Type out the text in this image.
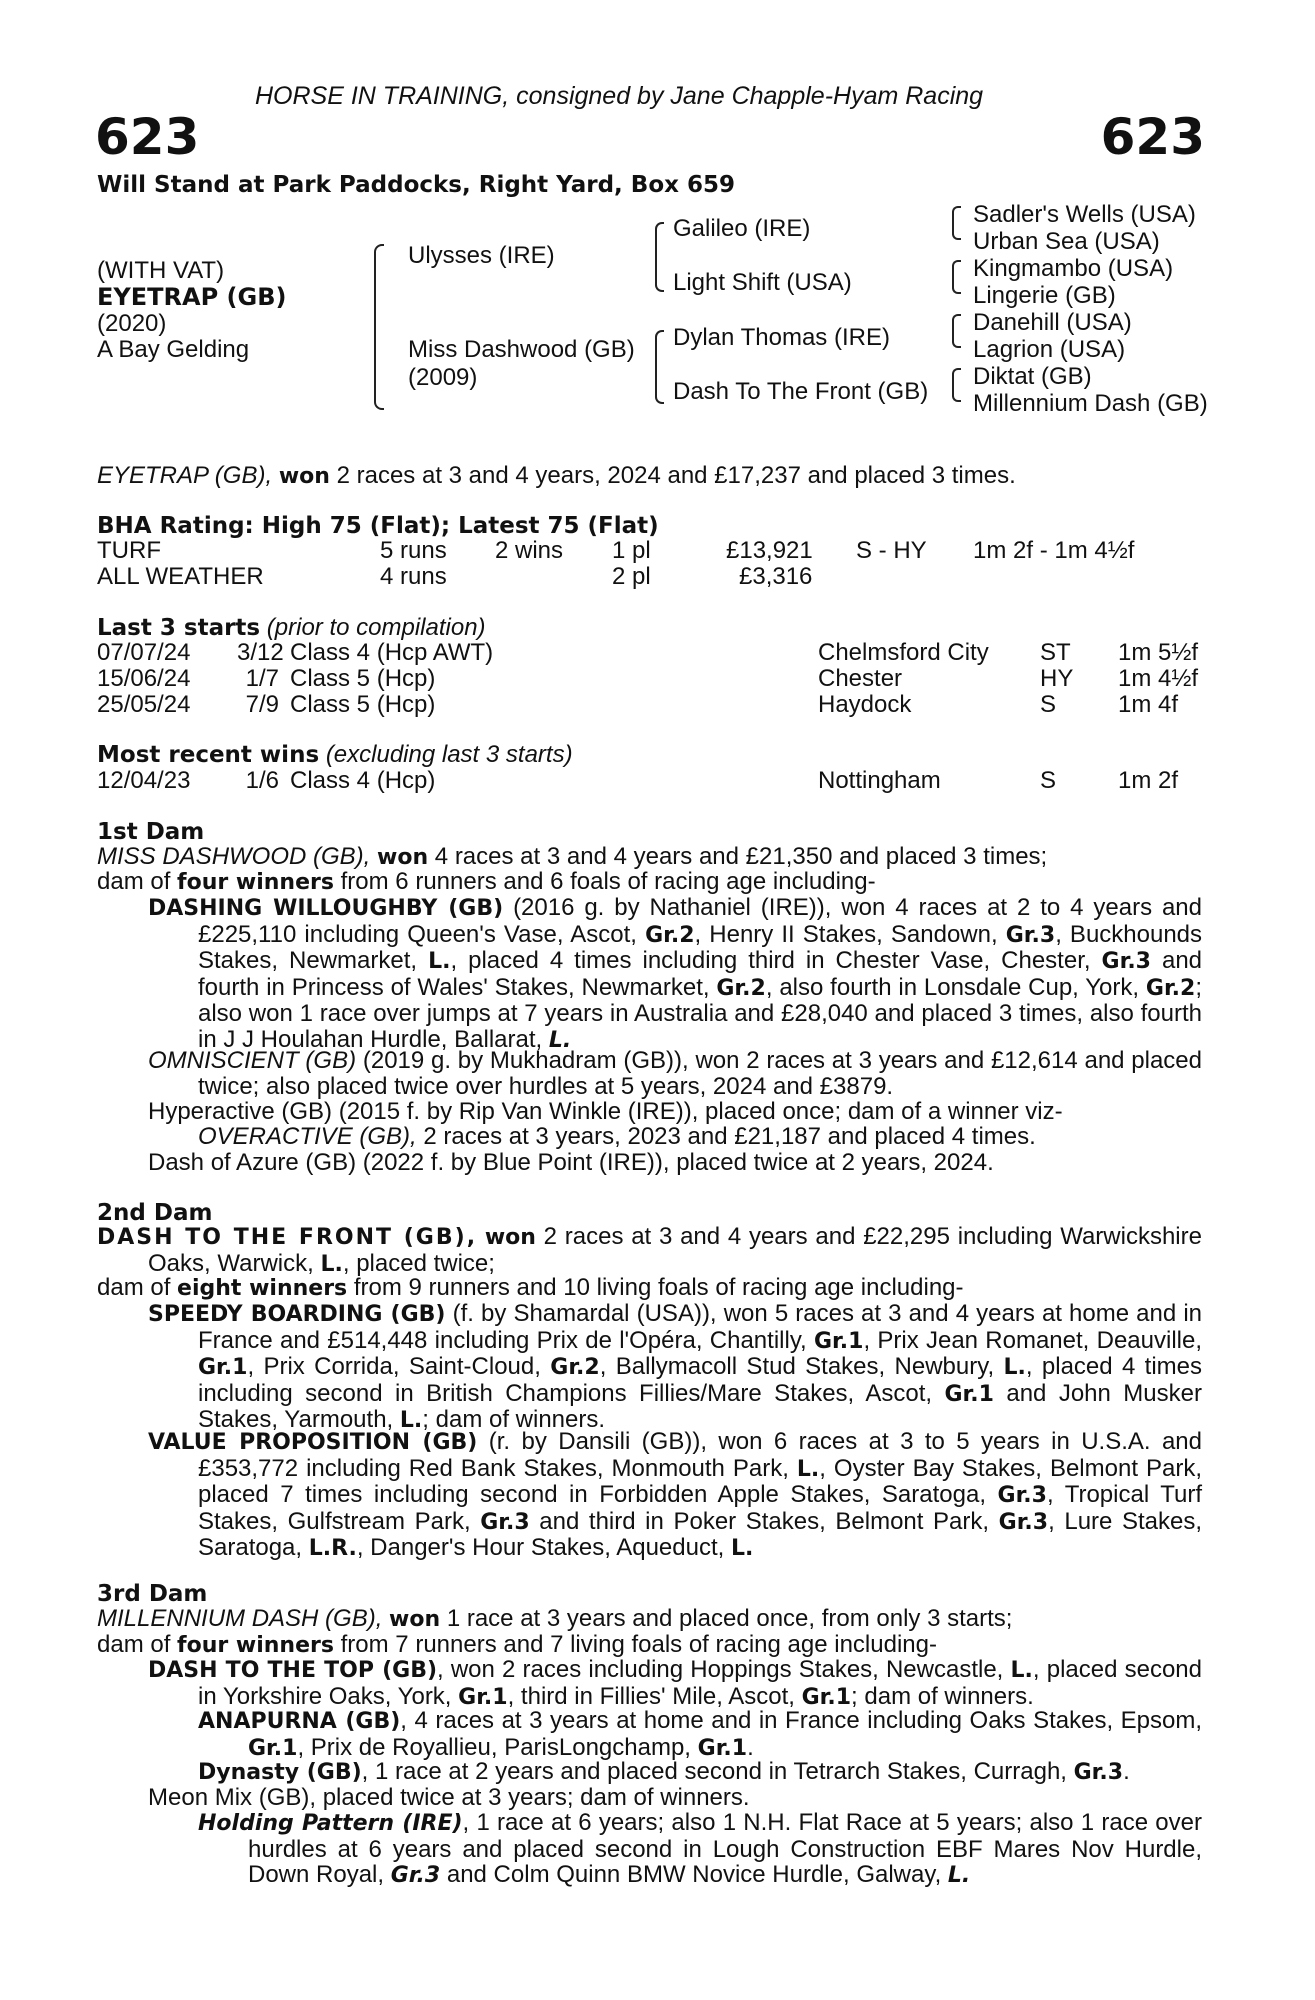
HORSE IN TRAINING, consigned by Jane Chapple-Hyam Racing
623	623
Will Stand at Park Paddocks, Right Yard, Box 659
(WITH VAT)
EYETRAP (GB)
(2020)
A Bay Gelding
Ulysses (IRE)
Miss Dashwood (GB)
(2009)
Galileo (IRE)
Light Shift (USA)
Dylan Thomas (IRE)
Dash To The Front (GB)
Sadler's Wells (USA)
Urban Sea (USA)
Kingmambo (USA)
Lingerie (GB)
Danehill (USA)
Lagrion (USA)
Diktat (GB)
Millennium Dash (GB)
EYETRAP (GB), won 2 races at 3 and 4 years, 2024 and £17,237 and placed 3 times.
BHA Rating: High 75 (Flat); Latest 75 (Flat)
TURF	5 runs 2 wins 1 pl	£13,921 S - HY 1m 2f - 1m 4½f
ALL WEATHER	4 runs	2 pl	£3,316
Last 3 starts (prior to compilation)
07/07/24 3/12 Class 4 (Hcp AWT)	Chelmsford City ST 1m 5½f
15/06/24	1/7 Class 5 (Hcp)	Chester	HY 1m 4½f
25/05/24	7/9 Class 5 (Hcp)	Haydock	S	1m 4f
Most recent wins (excluding last 3 starts)
12/04/23	1/6 Class 4 (Hcp)	Nottingham	S	1m 2f
1st Dam
MISS DASHWOOD (GB), won 4 races at 3 and 4 years and £21,350 and placed 3 times;
dam of four winners from 6 runners and 6 foals of racing age including-
DASHING WILLOUGHBY (GB) (2016 g. by Nathaniel (IRE)), won 4 races at 2 to 4 years and £225,110 including Queen's Vase, Ascot, Gr.2, Henry II Stakes, Sandown, Gr.3, Buckhounds Stakes, Newmarket, L., placed 4 times including third in Chester Vase, Chester, Gr.3 and fourth in Princess of Wales' Stakes, Newmarket, Gr.2, also fourth in Lonsdale Cup, York, Gr.2; also won 1 race over jumps at 7 years in Australia and £28,040 and placed 3 times, also fourth in J J Houlahan Hurdle, Ballarat, L.
OMNISCIENT (GB) (2019 g. by Mukhadram (GB)), won 2 races at 3 years and £12,614 and placed twice; also placed twice over hurdles at 5 years, 2024 and £3879.
Hyperactive (GB) (2015 f. by Rip Van Winkle (IRE)), placed once; dam of a winner viz-
OVERACTIVE (GB), 2 races at 3 years, 2023 and £21,187 and placed 4 times.
Dash of Azure (GB) (2022 f. by Blue Point (IRE)), placed twice at 2 years, 2024.
2nd Dam
DASH TO THE FRONT (GB), won 2 races at 3 and 4 years and £22,295 including Warwickshire Oaks, Warwick, L., placed twice;
dam of eight winners from 9 runners and 10 living foals of racing age including-
SPEEDY BOARDING (GB) (f. by Shamardal (USA)), won 5 races at 3 and 4 years at home and in France and £514,448 including Prix de l'Opéra, Chantilly, Gr.1, Prix Jean Romanet, Deauville, Gr.1, Prix Corrida, Saint-Cloud, Gr.2, Ballymacoll Stud Stakes, Newbury, L., placed 4 times including second in British Champions Fillies/Mare Stakes, Ascot, Gr.1 and John Musker Stakes, Yarmouth, L.; dam of winners.
VALUE PROPOSITION (GB) (r. by Dansili (GB)), won 6 races at 3 to 5 years in U.S.A. and £353,772 including Red Bank Stakes, Monmouth Park, L., Oyster Bay Stakes, Belmont Park, placed 7 times including second in Forbidden Apple Stakes, Saratoga, Gr.3, Tropical Turf Stakes, Gulfstream Park, Gr.3 and third in Poker Stakes, Belmont Park, Gr.3, Lure Stakes, Saratoga, L.R., Danger's Hour Stakes, Aqueduct, L.
3rd Dam
MILLENNIUM DASH (GB), won 1 race at 3 years and placed once, from only 3 starts;
dam of four winners from 7 runners and 7 living foals of racing age including-
DASH TO THE TOP (GB), won 2 races including Hoppings Stakes, Newcastle, L., placed second in Yorkshire Oaks, York, Gr.1, third in Fillies' Mile, Ascot, Gr.1; dam of winners.
ANAPURNA (GB), 4 races at 3 years at home and in France including Oaks Stakes, Epsom, Gr.1, Prix de Royallieu, ParisLongchamp, Gr.1.
Dynasty (GB), 1 race at 2 years and placed second in Tetrarch Stakes, Curragh, Gr.3.
Meon Mix (GB), placed twice at 3 years; dam of winners.
Holding Pattern (IRE), 1 race at 6 years; also 1 N.H. Flat Race at 5 years; also 1 race over hurdles at 6 years and placed second in Lough Construction EBF Mares Nov Hurdle, Down Royal, Gr.3 and Colm Quinn BMW Novice Hurdle, Galway, L.
